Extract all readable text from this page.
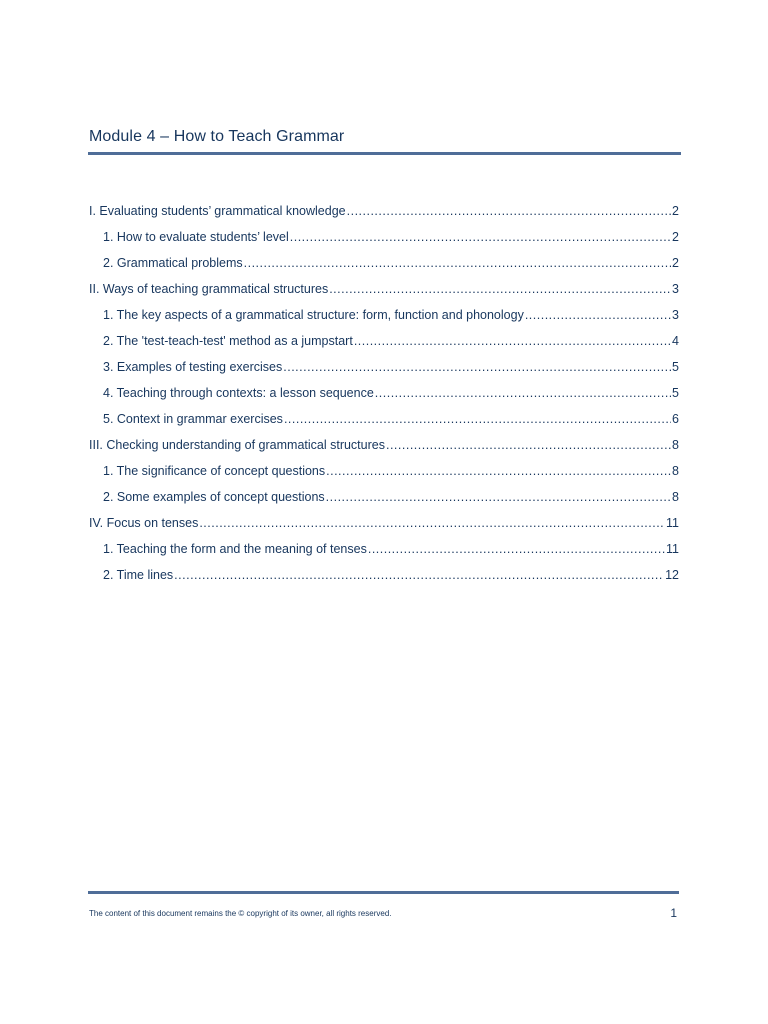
Module 4 – How to Teach Grammar
I. Evaluating students’ grammatical knowledge .....	2
1. How to evaluate students’ level .....	2
2. Grammatical problems .....	2
II. Ways of teaching grammatical structures .....	3
1. The key aspects of a grammatical structure: form, function and phonology .....	3
2. The 'test-teach-test' method as a jumpstart .....	4
3. Examples of testing exercises .....	5
4. Teaching through contexts: a lesson sequence .....	5
5. Context in grammar exercises .....	6
III. Checking understanding of grammatical structures .....	8
1. The significance of concept questions .....	8
2. Some examples of concept questions .....	8
IV. Focus on tenses .....	11
1. Teaching the form and the meaning of tenses .....	11
2. Time lines .....	12
The content of this document remains the © copyright of its owner, all rights reserved.	1
